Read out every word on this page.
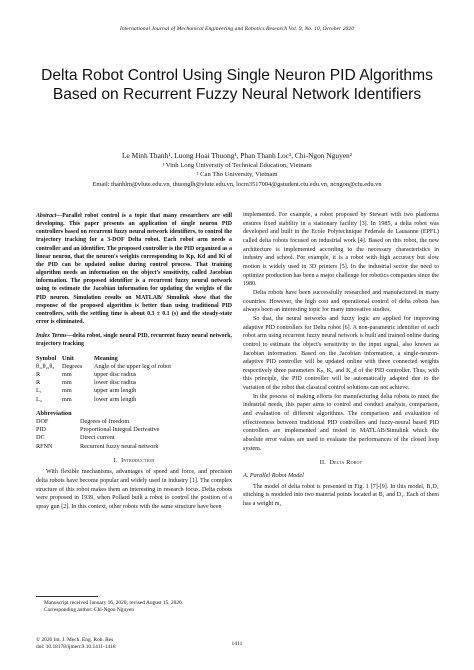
International Journal of Mechanical Engineering and Robotics Research Vol. 9, No. 10, October 2020
Delta Robot Control Using Single Neuron PID Algorithms Based on Recurrent Fuzzy Neural Network Identifiers
Le Minh Thanh¹, Luong Hoai Thuong¹, Phan Thanh Loc², Chi-Ngon Nguyen²
¹ Vinh Long University of Technical Education, Vietnam
² Can Tho University, Vietnam
Email: thanhlm@vlute.edu.vn, thuonglh@vlute.edu.vn, locm3517004@gstudent.ctu.edu.vn, ncngon@ctu.edu.vn
Abstract—Parallel robot control is a topic that many researchers are still developing. This paper presents an application of single neuron PID controllers based on recurrent fuzzy neural network identifiers, to control the trajectory tracking for a 3-DOF Delta robot. Each robot arm needs a controller and an identifier. The proposed controller is the PID organized as a linear neuron, that the neuron's weights corresponding to Kp, Kd and Ki of the PID can be updated online during control process. That training algorithm needs an information on the object's sensitivity, called Jacobian information. The proposed identifier is a recurrent fuzzy neural network using to estimate the Jacobian information for updating the weights of the PID neuron. Simulation results on MATLAB/ Simulink show that the response of the proposed algorithm is better than using traditional PID controllers, with the settling time is about 0.3 ± 0.1 (s) and the steady-state error is eliminated.
Index Terms—delta robot, single neural PID, recurrent fuzzy neural network, trajectory tracking
Symbol Unit	Meaning
θ₁,θ₂,θ₃	Degrees	Angle of the upper leg of robot
R	mm	upper disc radius
R	mm	lower disc radius
L₁	mm	upper arm length
L₂	mm	lower arm length
Abbreviation
DOF	Degrees of freedom
PID	Proportional Integral Derivative
DC	Direct current
RFNN	Recurrent fuzzy neural network
I. Introduction

With flexible mechanisms, advantages of speed and force, and precision delta robots have become popular and widely used in industry [1]. The complex structure of this robot makes them an interesting in research focus. Delta robots were proposed in 1939, when Pollard built a robot to control the position of a spray gun [2]. In this context, other robots with the same structure have been

implemented. For example, a robot proposed by Stewart with two platforms ensures fixed stability in a stationary facility [3]. In 1985, a delta robot was developed and built in the Ecole Polytechnique Federale de Lausanne (EPFL) called delta robots focused on industrial work [4]. Based on this robot, the new architecture is implemented according to the necessary characteristics in industry and school. For example, it is a robot with high accuracy but slow motion is widely used in 3D printers [5]. In the industrial sector the need to optimize production has been a major challenge for robotics companies since the 1980.

Delta robots have been successfully researched and manufactured in many countries. However, the high cost and operational control of delta robots has always been an interesting topic for many innovative studies.

So that, the neural networks and fuzzy logic are applied for improving adaptive PID controllers for Delta robot [6]. A non-parametric identifier of each robot arm using recurrent fuzzy neural network is built and trained online during control to estimate the object's sensitivity to the input signal, also known as Jacobian information. Based on the Jacobian information, a single-neuron-adaptive PID controller will be updated online with three connected weights respectively three parameters Kₚ, Kᵢ, and K_d of the PID controller. Thus, with this principle, the PID controller will be automatically adapted due to the variation of the robot that classical control solutions can not achieve.

In the process of making efforts for manufacturing delta robots to meet the industrial needs, this paper aims to control and conduct analysis, comparison, and evaluation of different algorithms. The comparison and evaluation of effectiveness between traditional PID controllers and fuzzy-neural based PID controllers are implemented and tested in MATLAB/Simulink which the absolute error values are used to evaluate the performances of the closed loop system.

II. Delta Robot
A. Parallel Robot Model

The model of delta robot is presented in Fig. 1 [7]-[9]. In this model, B₁D₁ stitching is modeled into two material points located at B₁ and D₁. Each of them has a weight m₁

Manuscript received January 16, 2020; revised August 15, 2020.
Corresponding author: Chi-Ngon Nguyen
© 2020 Int. J. Mech. Eng. Rob. Res
doi: 10.18178/ijmerr.9.10.1411-1418
1411
